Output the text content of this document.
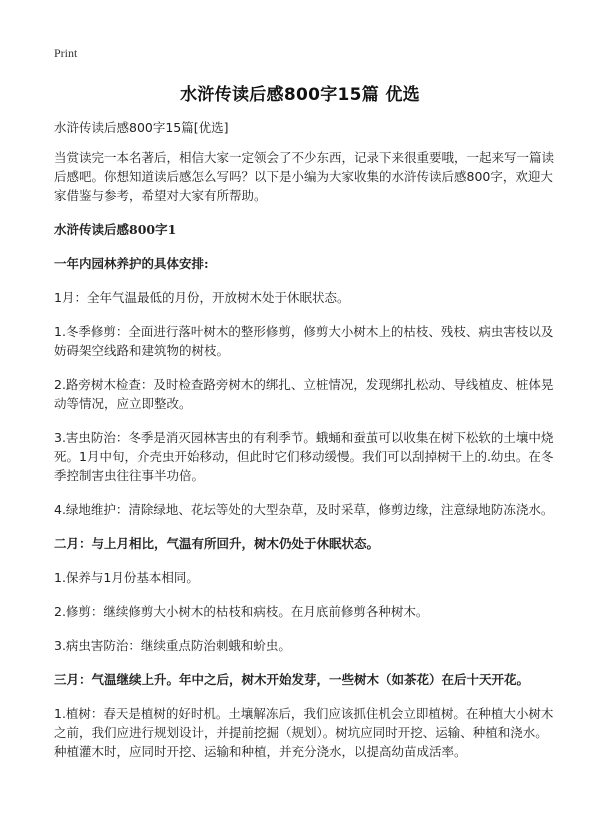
Print
水浒传读后感800字15篇 优选
水浒传读后感800字15篇[优选]
当赏读完一本名著后，相信大家一定领会了不少东西，记录下来很重要哦，一起来写一篇读后感吧。你想知道读后感怎么写吗？以下是小编为大家收集的水浒传读后感800字，欢迎大家借鉴与参考，希望对大家有所帮助。
水浒传读后感800字1
一年内园林养护的具体安排:
1月：全年气温最低的月份，开放树木处于休眠状态。
1.冬季修剪：全面进行落叶树木的整形修剪，修剪大小树木上的枯枝、残枝、病虫害枝以及妨碍架空线路和建筑物的树枝。
2.路旁树木检查：及时检查路旁树木的绑扎、立桩情况，发现绑扎松动、导线植皮、桩体晃动等情况，应立即整改。
3.害虫防治：冬季是消灭园林害虫的有利季节。蛾蛹和蚕茧可以收集在树下松软的土壤中烧死。1月中旬，介壳虫开始移动，但此时它们移动缓慢。我们可以刮掉树干上的.幼虫。在冬季控制害虫往往事半功倍。
4.绿地维护：清除绿地、花坛等处的大型杂草，及时采草，修剪边缘，注意绿地防冻浇水。
二月：与上月相比，气温有所回升，树木仍处于休眠状态。
1.保养与1月份基本相同。
2.修剪：继续修剪大小树木的枯枝和病枝。在月底前修剪各种树木。
3.病虫害防治：继续重点防治刺蛾和蚧虫。
三月：气温继续上升。年中之后，树木开始发芽，一些树木（如茶花）在后十天开花。
1.植树：春天是植树的好时机。土壤解冻后，我们应该抓住机会立即植树。在种植大小树木之前，我们应进行规划设计，并提前挖掘（规划）。树坑应同时开挖、运输、种植和浇水。种植灌木时，应同时开挖、运输和种植，并充分浇水，以提高幼苗成活率。
